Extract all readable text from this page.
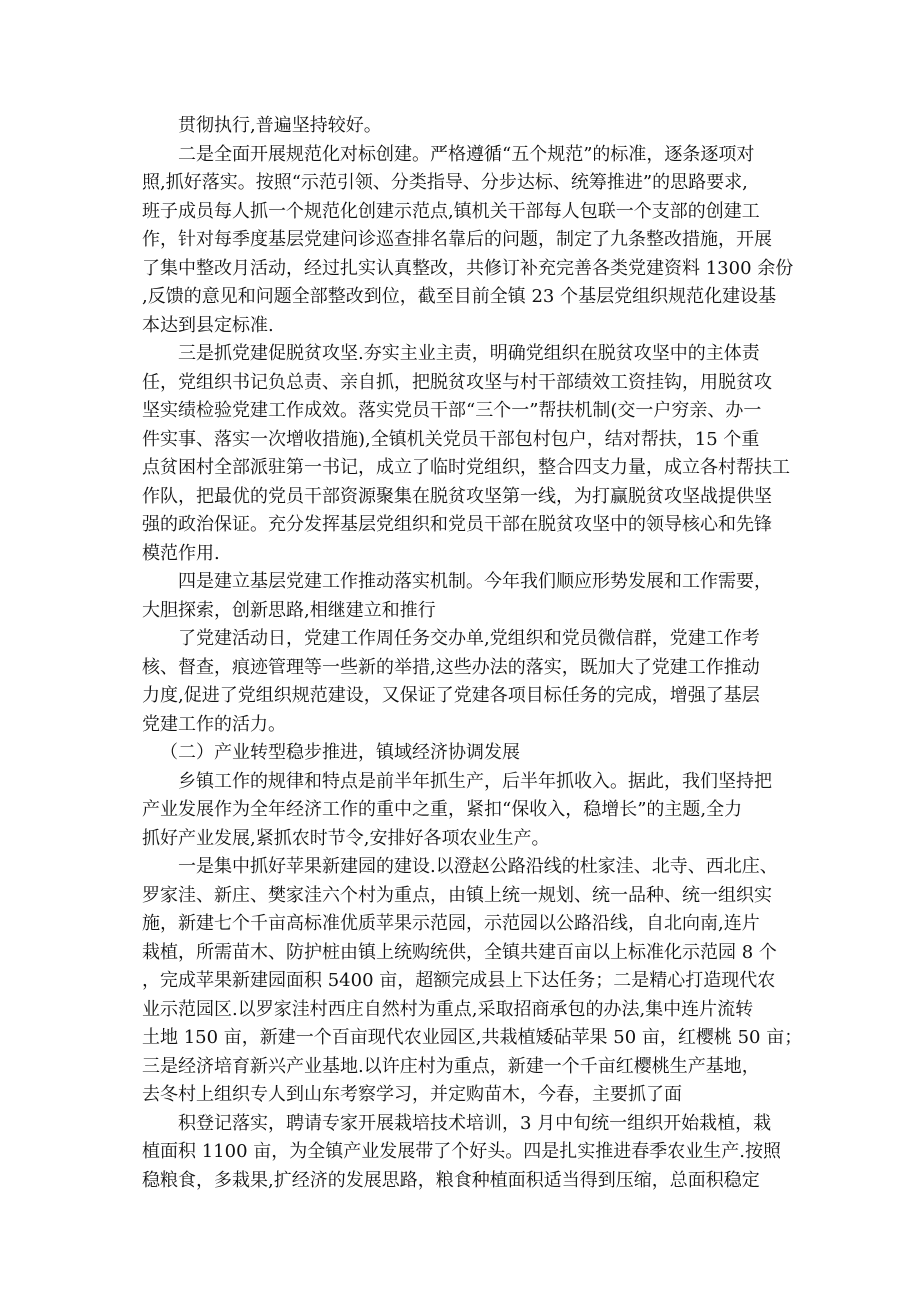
贯彻执行,普遍坚持较好。
二是全面开展规范化对标创建。严格遵循“五个规范”的标准，逐条逐项对
照,抓好落实。按照“示范引领、分类指导、分步达标、统筹推进”的思路要求,
班子成员每人抓一个规范化创建示范点,镇机关干部每人包联一个支部的创建工
作，针对每季度基层党建问诊巡查排名靠后的问题，制定了九条整改措施，开展
了集中整改月活动，经过扎实认真整改，共修订补充完善各类党建资料 1300 余份
,反馈的意见和问题全部整改到位，截至目前全镇 23 个基层党组织规范化建设基
本达到县定标准.
三是抓党建促脱贫攻坚.夯实主业主责，明确党组织在脱贫攻坚中的主体责
任，党组织书记负总责、亲自抓，把脱贫攻坚与村干部绩效工资挂钩，用脱贫攻
坚实绩检验党建工作成效。落实党员干部“三个一”帮扶机制(交一户穷亲、办一
件实事、落实一次增收措施),全镇机关党员干部包村包户，结对帮扶，15 个重
点贫困村全部派驻第一书记，成立了临时党组织，整合四支力量，成立各村帮扶工
作队，把最优的党员干部资源聚集在脱贫攻坚第一线，为打赢脱贫攻坚战提供坚
强的政治保证。充分发挥基层党组织和党员干部在脱贫攻坚中的领导核心和先锋
模范作用.
四是建立基层党建工作推动落实机制。今年我们顺应形势发展和工作需要，
大胆探索，创新思路,相继建立和推行
了党建活动日，党建工作周任务交办单,党组织和党员微信群，党建工作考
核、督查，痕迹管理等一些新的举措,这些办法的落实，既加大了党建工作推动
力度,促进了党组织规范建设，又保证了党建各项目标任务的完成，增强了基层
党建工作的活力。
（二）产业转型稳步推进，镇域经济协调发展
乡镇工作的规律和特点是前半年抓生产，后半年抓收入。据此，我们坚持把
产业发展作为全年经济工作的重中之重，紧扣“保收入，稳增长”的主题,全力
抓好产业发展,紧抓农时节令,安排好各项农业生产。
一是集中抓好苹果新建园的建设.以澄赵公路沿线的杜家洼、北寺、西北庄、
罗家洼、新庄、樊家洼六个村为重点，由镇上统一规划、统一品种、统一组织实
施，新建七个千亩高标准优质苹果示范园，示范园以公路沿线，自北向南,连片
栽植，所需苗木、防护桩由镇上统购统供，全镇共建百亩以上标准化示范园 8 个
，完成苹果新建园面积 5400 亩，超额完成县上下达任务；二是精心打造现代农
业示范园区.以罗家洼村西庄自然村为重点,采取招商承包的办法,集中连片流转
土地 150 亩，新建一个百亩现代农业园区,共栽植矮砧苹果 50 亩，红樱桃 50 亩；
三是经济培育新兴产业基地.以许庄村为重点，新建一个千亩红樱桃生产基地，
去冬村上组织专人到山东考察学习，并定购苗木，今春，主要抓了面
积登记落实，聘请专家开展栽培技术培训，3 月中旬统一组织开始栽植，栽
植面积 1100 亩，为全镇产业发展带了个好头。四是扎实推进春季农业生产.按照
稳粮食，多栽果,扩经济的发展思路，粮食种植面积适当得到压缩，总面积稳定
